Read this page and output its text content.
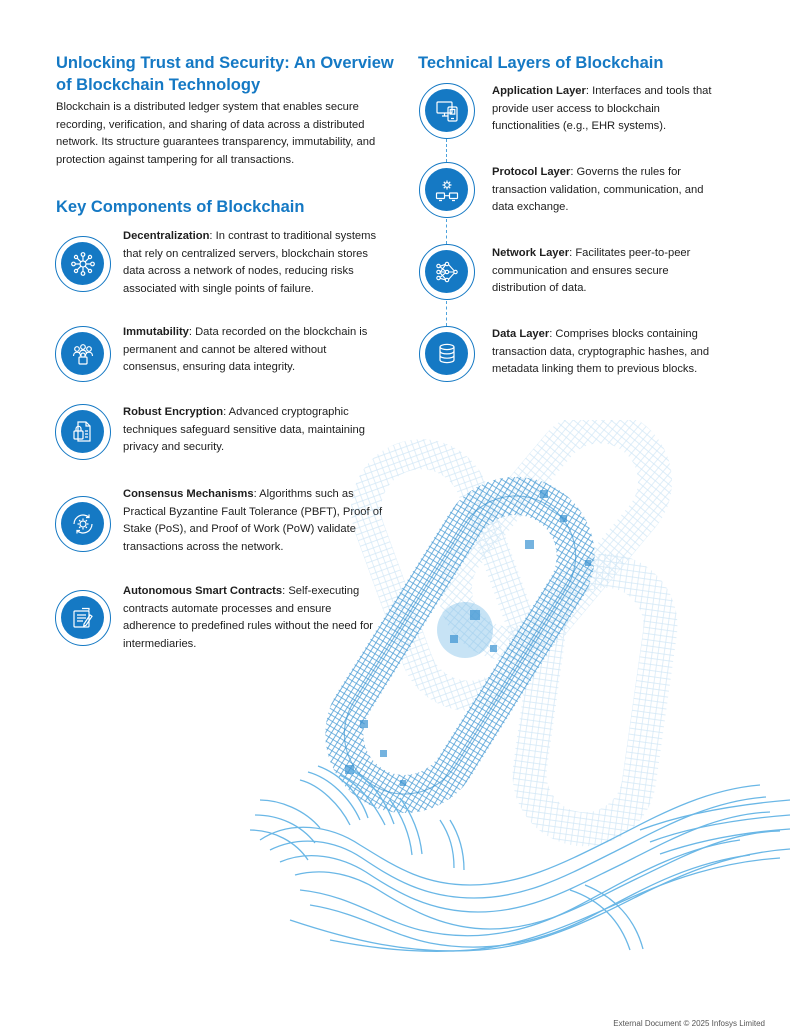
Unlocking Trust and Security: An Overview of Blockchain Technology

Blockchain is a distributed ledger system that enables secure recording, verification, and sharing of data across a distributed network. Its structure guarantees transparency, immutability, and protection against tampering for all transactions.

Key Components of Blockchain
Technical Layers of Blockchain

Decentralization: In contrast to traditional systems that rely on centralized servers, blockchain stores data across a network of nodes, reducing risks associated with single points of failure.

Immutability: Data recorded on the blockchain is permanent and cannot be altered without consensus, ensuring data integrity.

Robust Encryption: Advanced cryptographic techniques safeguard sensitive data, maintaining privacy and security.

Consensus Mechanisms: Algorithms such as Practical Byzantine Fault Tolerance (PBFT), Proof of Stake (PoS), and Proof of Work (PoW) validate transactions across the network.

Autonomous Smart Contracts: Self-executing contracts automate processes and ensure adherence to predefined rules without the need for intermediaries.

Application Layer: Interfaces and tools that provide user access to blockchain functionalities (e.g., EHR systems).

Protocol Layer: Governs the rules for transaction validation, communication, and data exchange.

Network Layer: Facilitates peer-to-peer communication and ensures secure distribution of data.

Data Layer: Comprises blocks containing transaction data, cryptographic hashes, and metadata linking them to previous blocks.

External Document © 2025 Infosys Limited
